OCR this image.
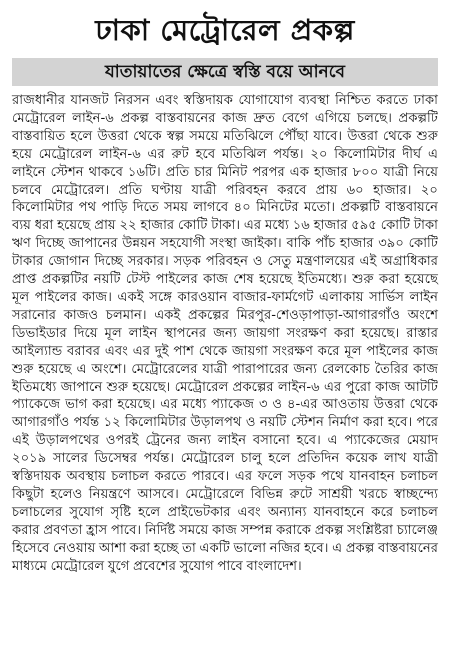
ঢাকা মেট্রোরেল প্রকল্প
যাতায়াতের ক্ষেত্রে স্বস্তি বয়ে আনবে

রাজধানীর যানজট নিরসন এবং স্বস্তিদায়ক যোগাযোগ ব্যবস্থা নিশ্চিত করতে ঢাকা মেট্রোরেল লাইন-৬ প্রকল্প বাস্তবায়নের কাজ দ্রুত বেগে এগিয়ে চলছে। প্রকল্পটি বাস্তবায়িত হলে উত্তরা থেকে স্বল্প সময়ে মতিঝিলে পৌঁছা যাবে। উত্তরা থেকে শুরু হয়ে মেট্রোরেল লাইন-৬ এর রুট হবে মতিঝিল পর্যন্ত। ২০ কিলোমিটার দীর্ঘ এ লাইনে স্টেশন থাকবে ১৬টি। প্রতি চার মিনিট পরপর এক হাজার ৮০০ যাত্রী নিয়ে চলবে মেট্রোরেল। প্রতি ঘণ্টায় যাত্রী পরিবহন করবে প্রায় ৬০ হাজার। ২০ কিলোমিটার পথ পাড়ি দিতে সময় লাগবে ৪০ মিনিটের মতো। প্রকল্পটি বাস্তবায়নে ব্যয় ধরা হয়েছে প্রায় ২২ হাজার কোটি টাকা। এর মধ্যে ১৬ হাজার ৫৯৫ কোটি টাকা ঋণ দিচ্ছে জাপানের উন্নয়ন সহযোগী সংস্থা জাইকা। বাকি পাঁচ হাজার ৩৯০ কোটি টাকার জোগান দিচ্ছে সরকার। সড়ক পরিবহন ও সেতু মন্ত্রণালয়ের এই অগ্রাধিকার প্রাপ্ত প্রকল্পটির নয়টি টেস্ট পাইলের কাজ শেষ হয়েছে ইতিমধ্যে। শুরু করা হয়েছে মূল পাইলের কাজ। একই সঙ্গে কারওয়ান বাজার-ফার্মগেট এলাকায় সার্ভিস লাইন সরানোর কাজও চলমান। একই প্রকল্পের মিরপুর-শেওড়াপাড়া-আগারগাঁও অংশে ডিভাইডার দিয়ে মূল লাইন স্থাপনের জন্য জায়গা সংরক্ষণ করা হয়েছে। রাস্তার আইল্যান্ড বরাবর এবং এর দুই পাশ থেকে জায়গা সংরক্ষণ করে মূল পাইলের কাজ শুরু হয়েছে এ অংশে। মেট্রোরেলের যাত্রী পারাপারের জন্য রেলকোচ তৈরির কাজ ইতিমধ্যে জাপানে শুরু হয়েছে। মেট্রোরেল প্রকল্পের লাইন-৬ এর পুরো কাজ আটটি প্যাকেজে ভাগ করা হয়েছে। এর মধ্যে প্যাকেজ ৩ ও ৪-এর আওতায় উত্তরা থেকে আগারগাঁও পর্যন্ত ১২ কিলোমিটার উড়ালপথ ও নয়টি স্টেশন নির্মাণ করা হবে। পরে এই উড়ালপথের ওপরই ট্রেনের জন্য লাইন বসানো হবে। এ প্যাকেজের মেয়াদ ২০১৯ সালের ডিসেম্বর পর্যন্ত। মেট্রোরেল চালু হলে প্রতিদিন কয়েক লাখ যাত্রী স্বস্তিদায়ক অবস্থায় চলাচল করতে পারবে। এর ফলে সড়ক পথে যানবাহন চলাচল কিছুটা হলেও নিয়ন্ত্রণে আসবে। মেট্রোরেলে বিভিন্ন রুটে সাশ্রয়ী খরচে স্বাচ্ছন্দ্যে চলাচলের সুযোগ সৃষ্টি হলে প্রাইভেটকার এবং অন্যান্য যানবাহনে করে চলাচল করার প্রবণতা হ্রাস পাবে। নির্দিষ্ট সময়ে কাজ সম্পন্ন করাকে প্রকল্প সংশ্লিষ্টরা চ্যালেঞ্জ হিসেবে নেওয়ায় আশা করা হচ্ছে তা একটি ভালো নজির হবে। এ প্রকল্প বাস্তবায়নের মাধ্যমে মেট্রোরেল যুগে প্রবেশের সুযোগ পাবে বাংলাদেশ।
